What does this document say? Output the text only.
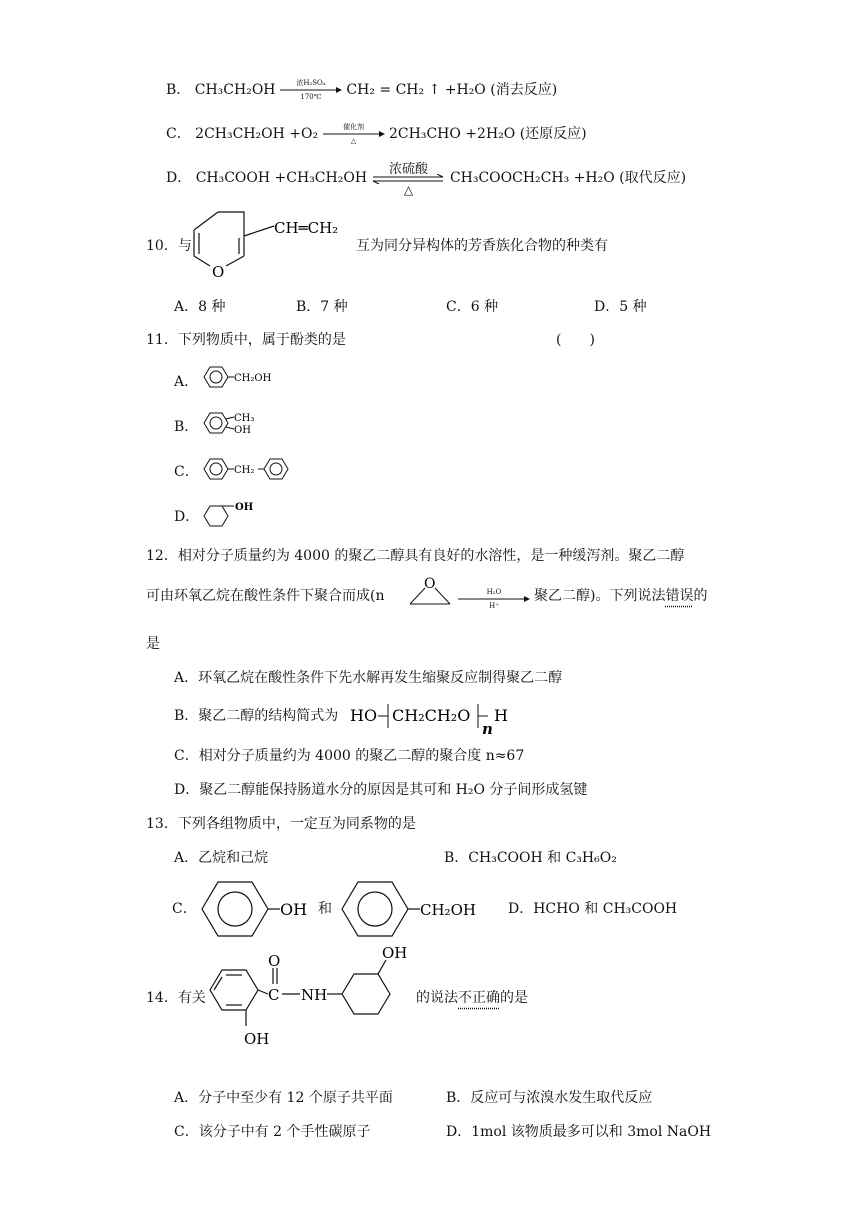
B． CH₃CH₂OH	浓H₂SO₄
170℃	CH₂ = CH₂ ↑ +H₂O (消去反应)
C． 2CH₃CH₂OH +O₂	催化剂
△	2CH₃CHO +2H₂O (还原反应)
D． CH₃COOH +CH₃CH₂OH
浓硫酸
△
CH₃COOCH₂CH₃ +H₂O (取代反应)
10．与
O
CH═CH₂
互为同分异构体的芳香族化合物的种类有
A．8 种	B．7 种	C．6 种	D．5 种
11．下列物质中，属于酚类的是	(　　)
A．	CH₂OH
B．
CH₃
OH
C．	CH₂
D．
OH
12．相对分子质量约为 4000 的聚乙二醇具有良好的水溶性，是一种缓泻剂。聚乙二醇
可由环氧乙烷在酸性条件下聚合而成(n
O	H₂O
H⁺
聚乙二醇)。下列说法错误的
是
A．环氧乙烷在酸性条件下先水解再发生缩聚反应制得聚乙二醇
B．聚乙二醇的结构简式为 HO CH₂CH₂O
n
H
C．相对分子质量约为 4000 的聚乙二醇的聚合度 n≈67
D．聚乙二醇能保持肠道水分的原因是其可和 H₂O 分子间形成氢键
13．下列各组物质中，一定互为同系物的是
A．乙烷和己烷	B．CH₃COOH 和 C₃H₆O₂
C．	OH 和	CH₂OH D．HCHO 和 CH₃COOH
14．有关	C
O
NH
OH
OH
的说法不正确的是
A．分子中至少有 12 个原子共平面	B．反应可与浓溴水发生取代反应
C．该分子中有 2 个手性碳原子	D．1mol 该物质最多可以和 3mol NaOH
